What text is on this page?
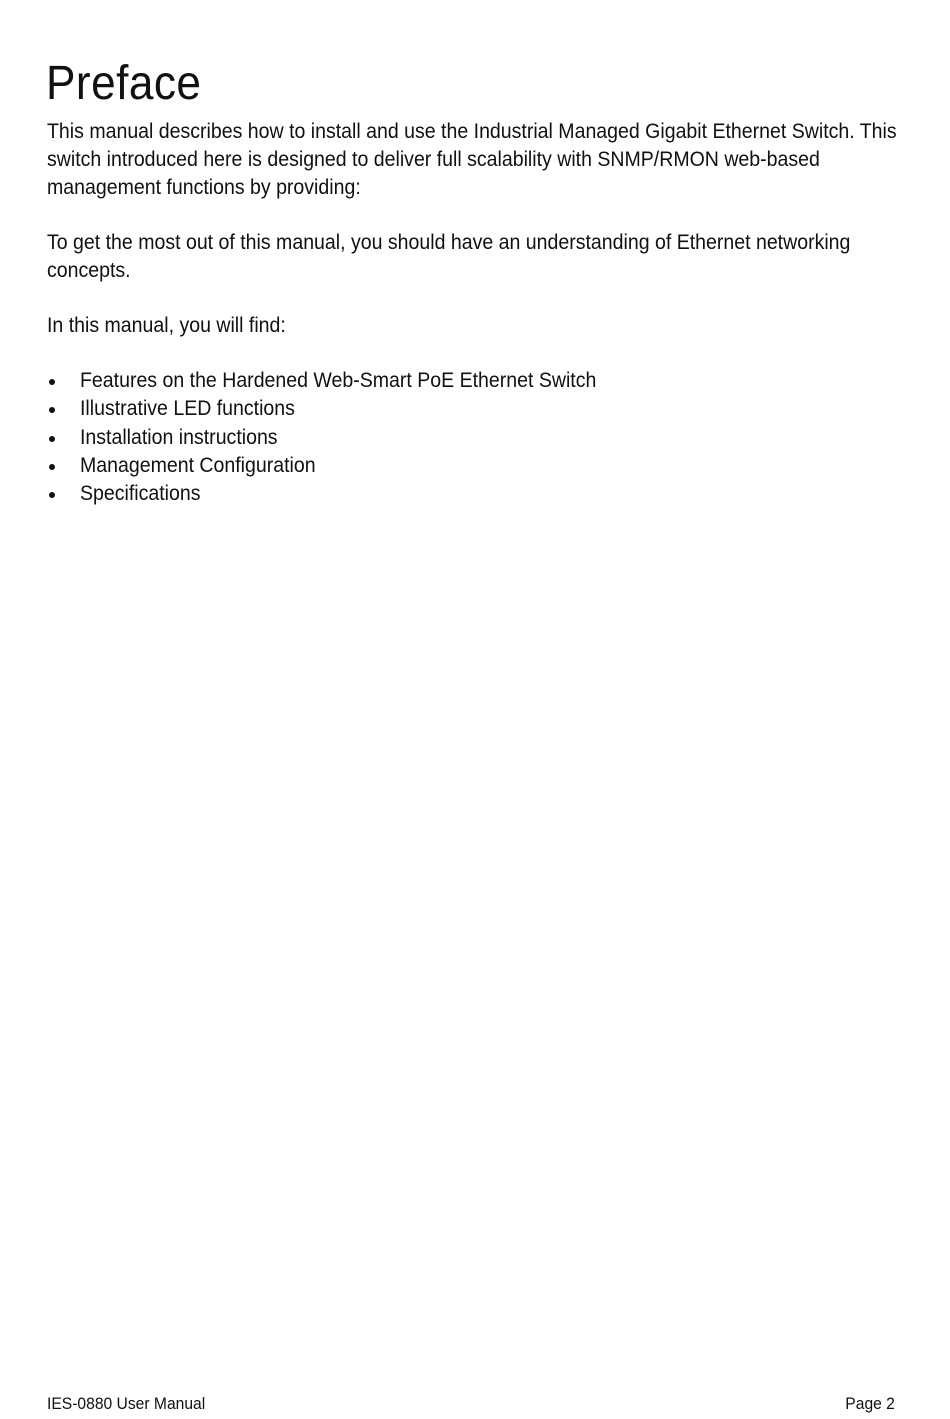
Preface

This manual describes how to install and use the Industrial Managed Gigabit Ethernet Switch. This switch introduced here is designed to deliver full scalability with SNMP/RMON web-based management functions by providing:

To get the most out of this manual, you should have an understanding of Ethernet networking concepts.

In this manual, you will find:

Features on the Hardened Web-Smart PoE Ethernet Switch
Illustrative LED functions
Installation instructions
Management Configuration
Specifications
IES-0880 User Manual	Page 2
